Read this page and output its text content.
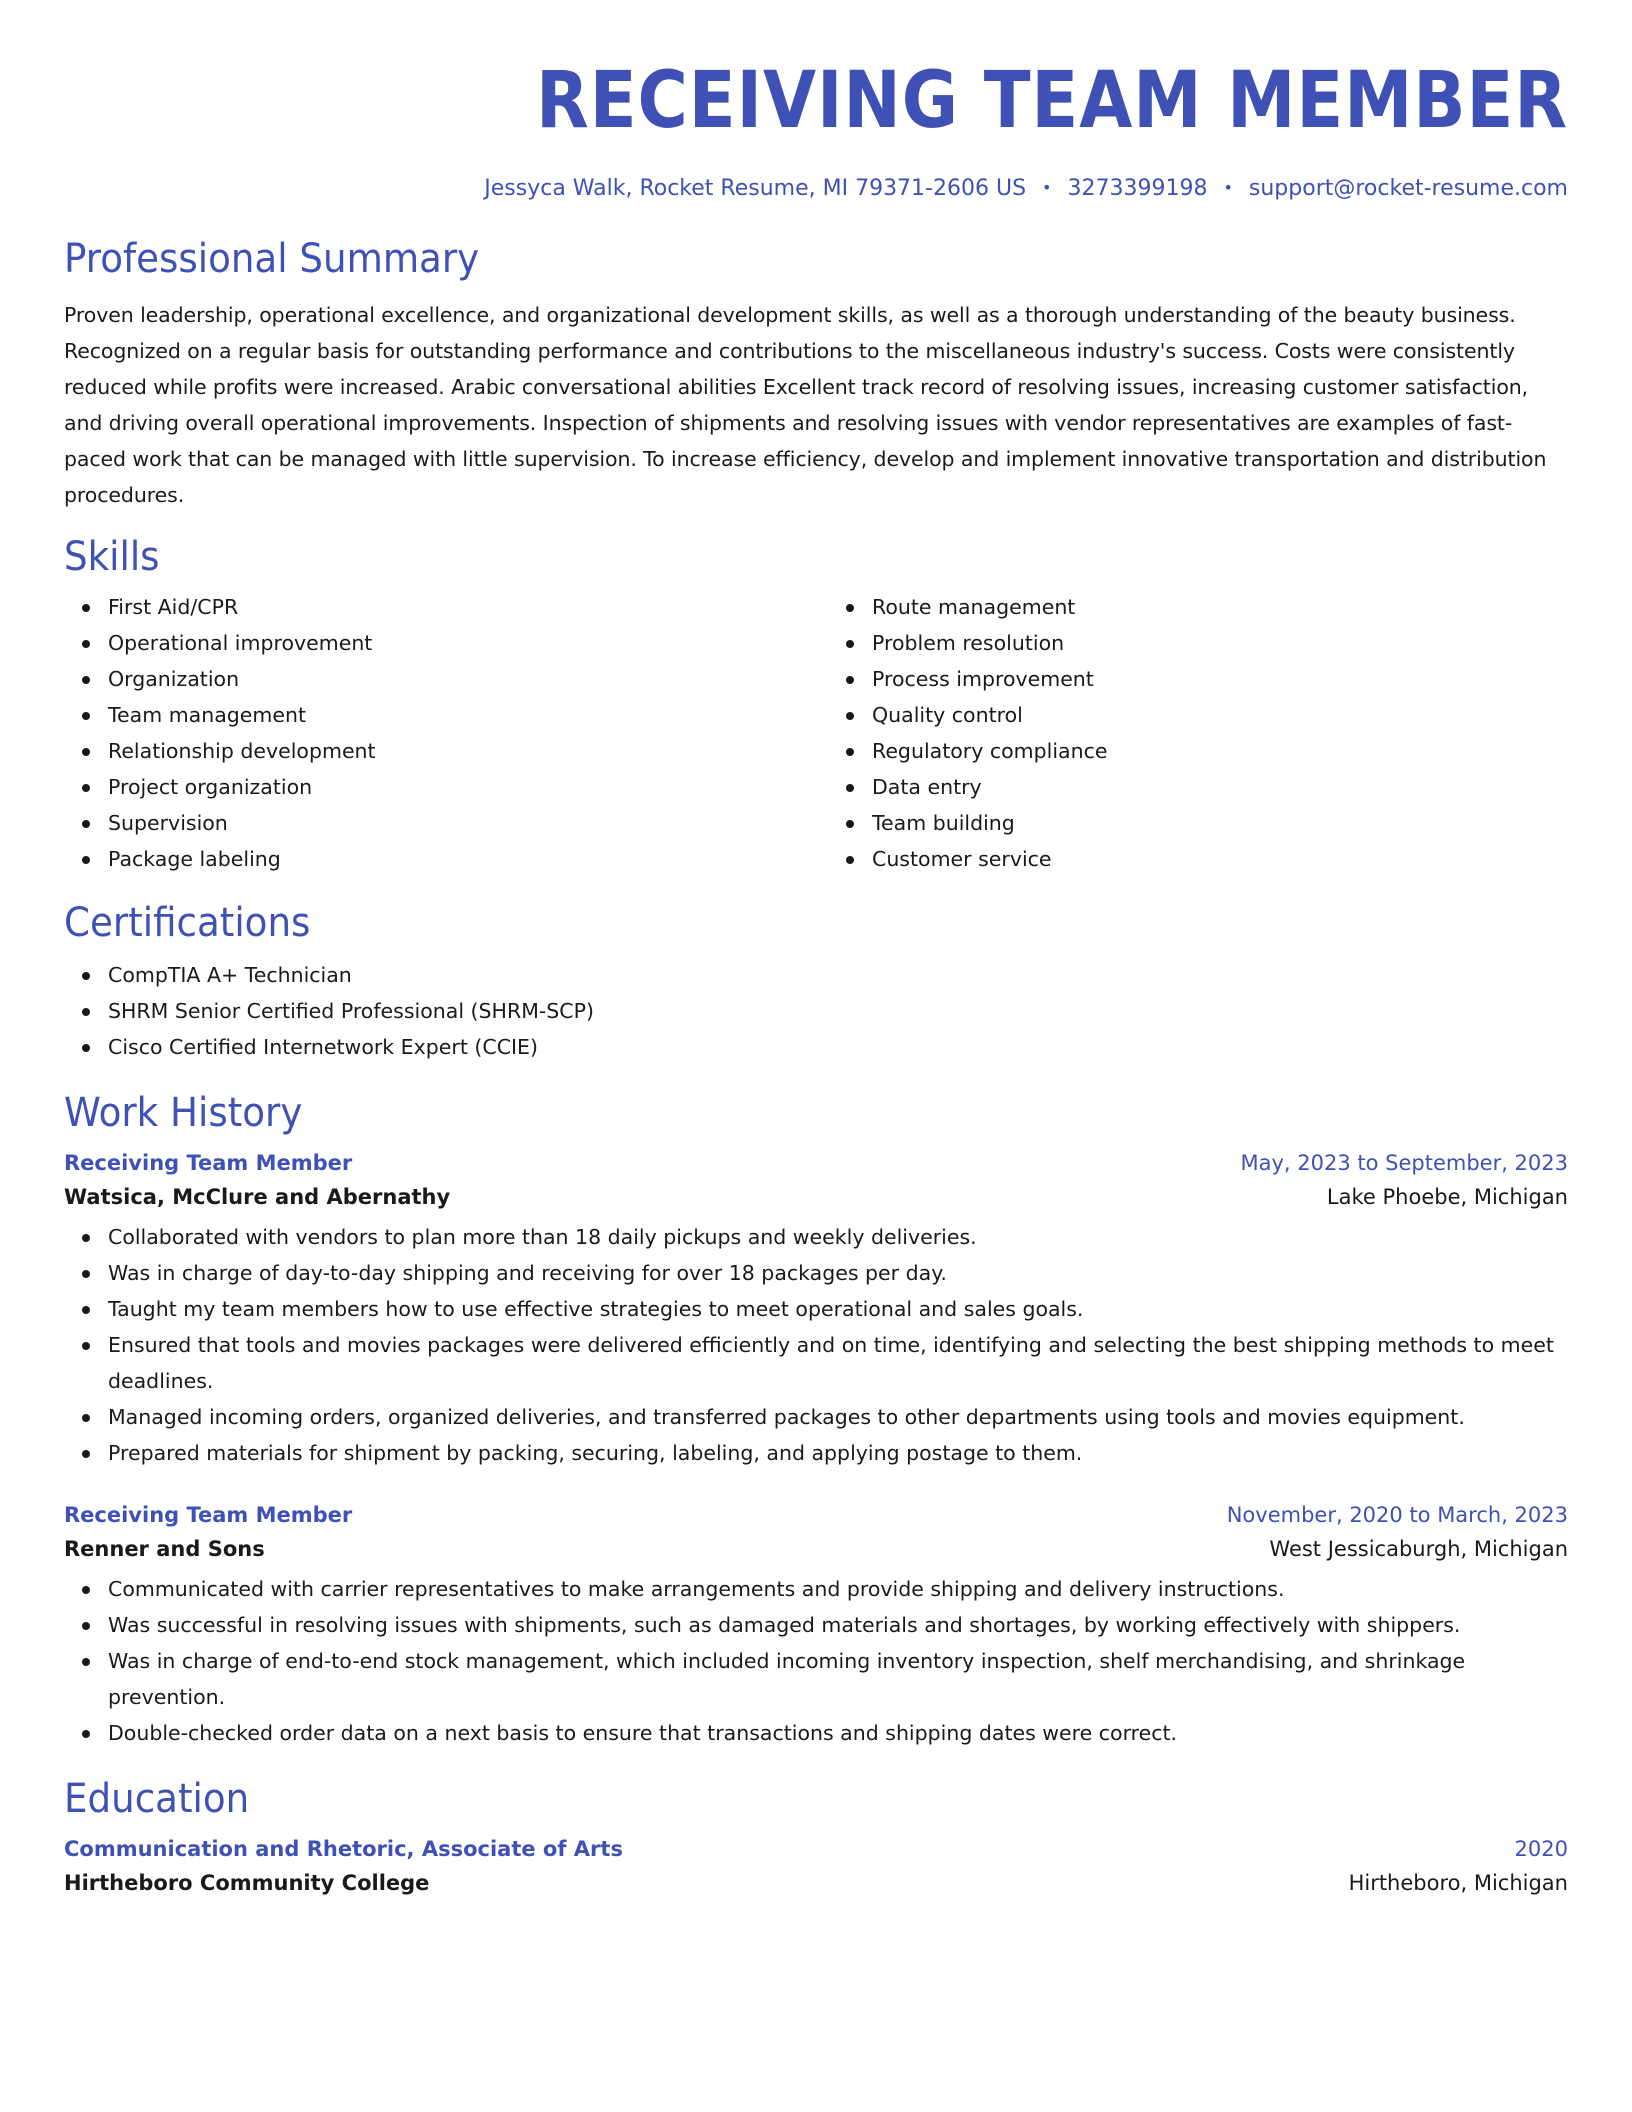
RECEIVING TEAM MEMBER
Jessyca Walk, Rocket Resume, MI 79371-2606 US • 3273399198 • support@rocket-resume.com
Professional Summary

Proven leadership, operational excellence, and organizational development skills, as well as a thorough understanding of the beauty business. Recognized on a regular basis for outstanding performance and contributions to the miscellaneous industry's success. Costs were consistently reduced while profits were increased. Arabic conversational abilities Excellent track record of resolving issues, increasing customer satisfaction, and driving overall operational improvements. Inspection of shipments and resolving issues with vendor representatives are examples of fast-paced work that can be managed with little supervision. To increase efficiency, develop and implement innovative transportation and distribution procedures.

Skills
First Aid/CPR
Operational improvement
Organization
Team management
Relationship development
Project organization
Supervision
Package labeling
Route management
Problem resolution
Process improvement
Quality control
Regulatory compliance
Data entry
Team building
Customer service
Certifications
CompTIA A+ Technician
SHRM Senior Certified Professional (SHRM-SCP)
Cisco Certified Internetwork Expert (CCIE)
Work History
Receiving Team Member	May, 2023 to September, 2023
Watsica, McClure and Abernathy	Lake Phoebe, Michigan
Collaborated with vendors to plan more than 18 daily pickups and weekly deliveries.
Was in charge of day-to-day shipping and receiving for over 18 packages per day.
Taught my team members how to use effective strategies to meet operational and sales goals.
Ensured that tools and movies packages were delivered efficiently and on time, identifying and selecting the best shipping methods to meet deadlines.
Managed incoming orders, organized deliveries, and transferred packages to other departments using tools and movies equipment.
Prepared materials for shipment by packing, securing, labeling, and applying postage to them.
Receiving Team Member	November, 2020 to March, 2023
Renner and Sons	West Jessicaburgh, Michigan
Communicated with carrier representatives to make arrangements and provide shipping and delivery instructions.
Was successful in resolving issues with shipments, such as damaged materials and shortages, by working effectively with shippers.
Was in charge of end-to-end stock management, which included incoming inventory inspection, shelf merchandising, and shrinkage prevention.
Double-checked order data on a next basis to ensure that transactions and shipping dates were correct.
Education
Communication and Rhetoric, Associate of Arts	2020
Hirtheboro Community College	Hirtheboro, Michigan
